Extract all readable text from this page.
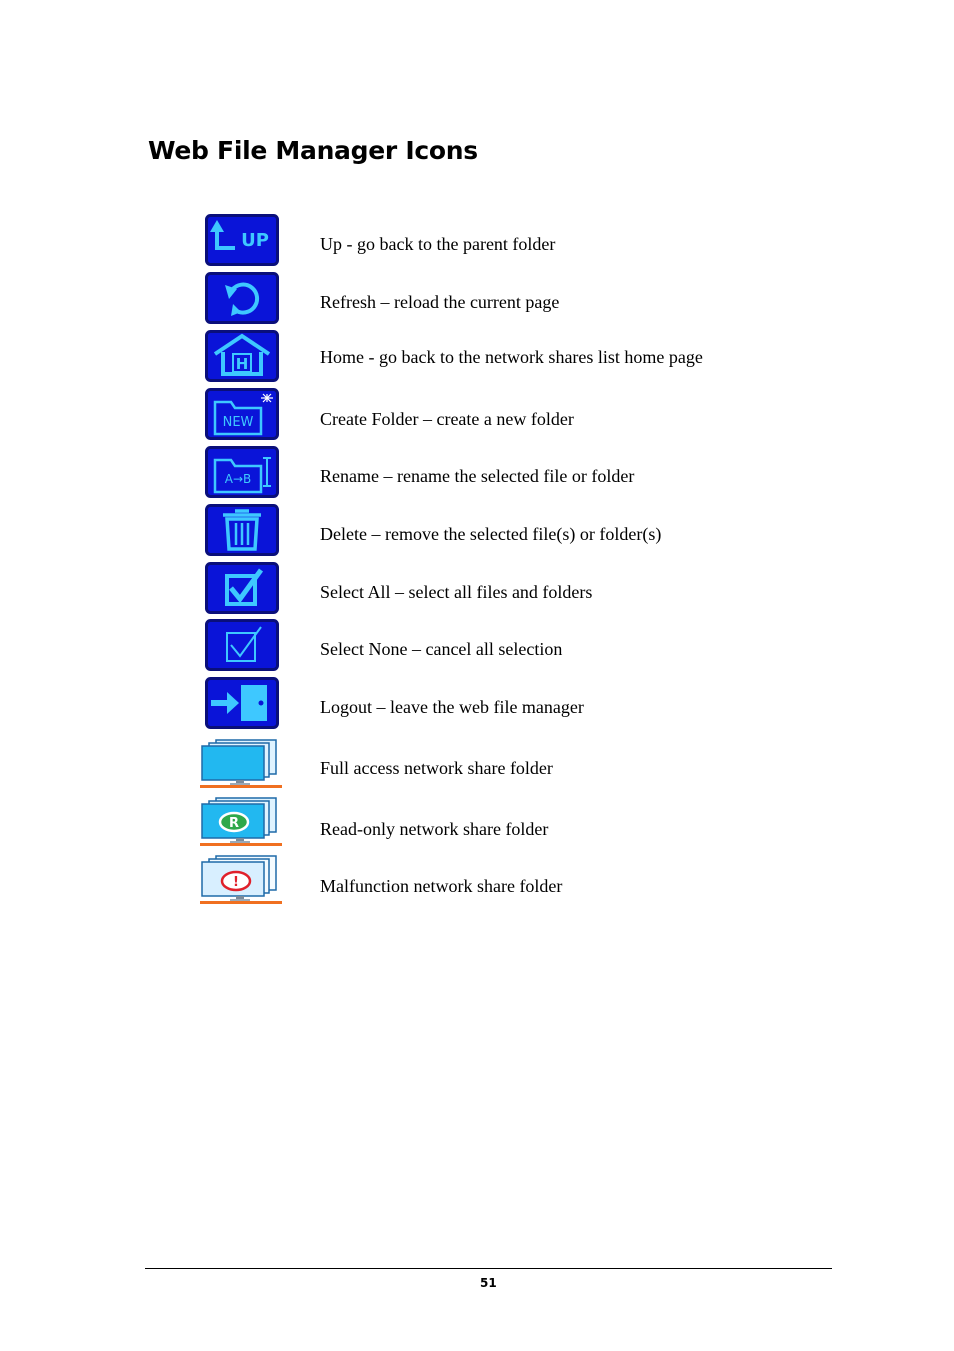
Web File Manager Icons
UP	Up - go back to the parent folder
Refresh – reload the current page
H	Home - go back to the network shares list home page
NEW	Create Folder – create a new folder
A→B	Rename – rename the selected file or folder
Delete – remove the selected file(s) or folder(s)
Select All – select all files and folders
Select None – cancel all selection
Logout – leave the web file manager
Full access network share folder
R	Read-only network share folder
!	Malfunction network share folder
51
